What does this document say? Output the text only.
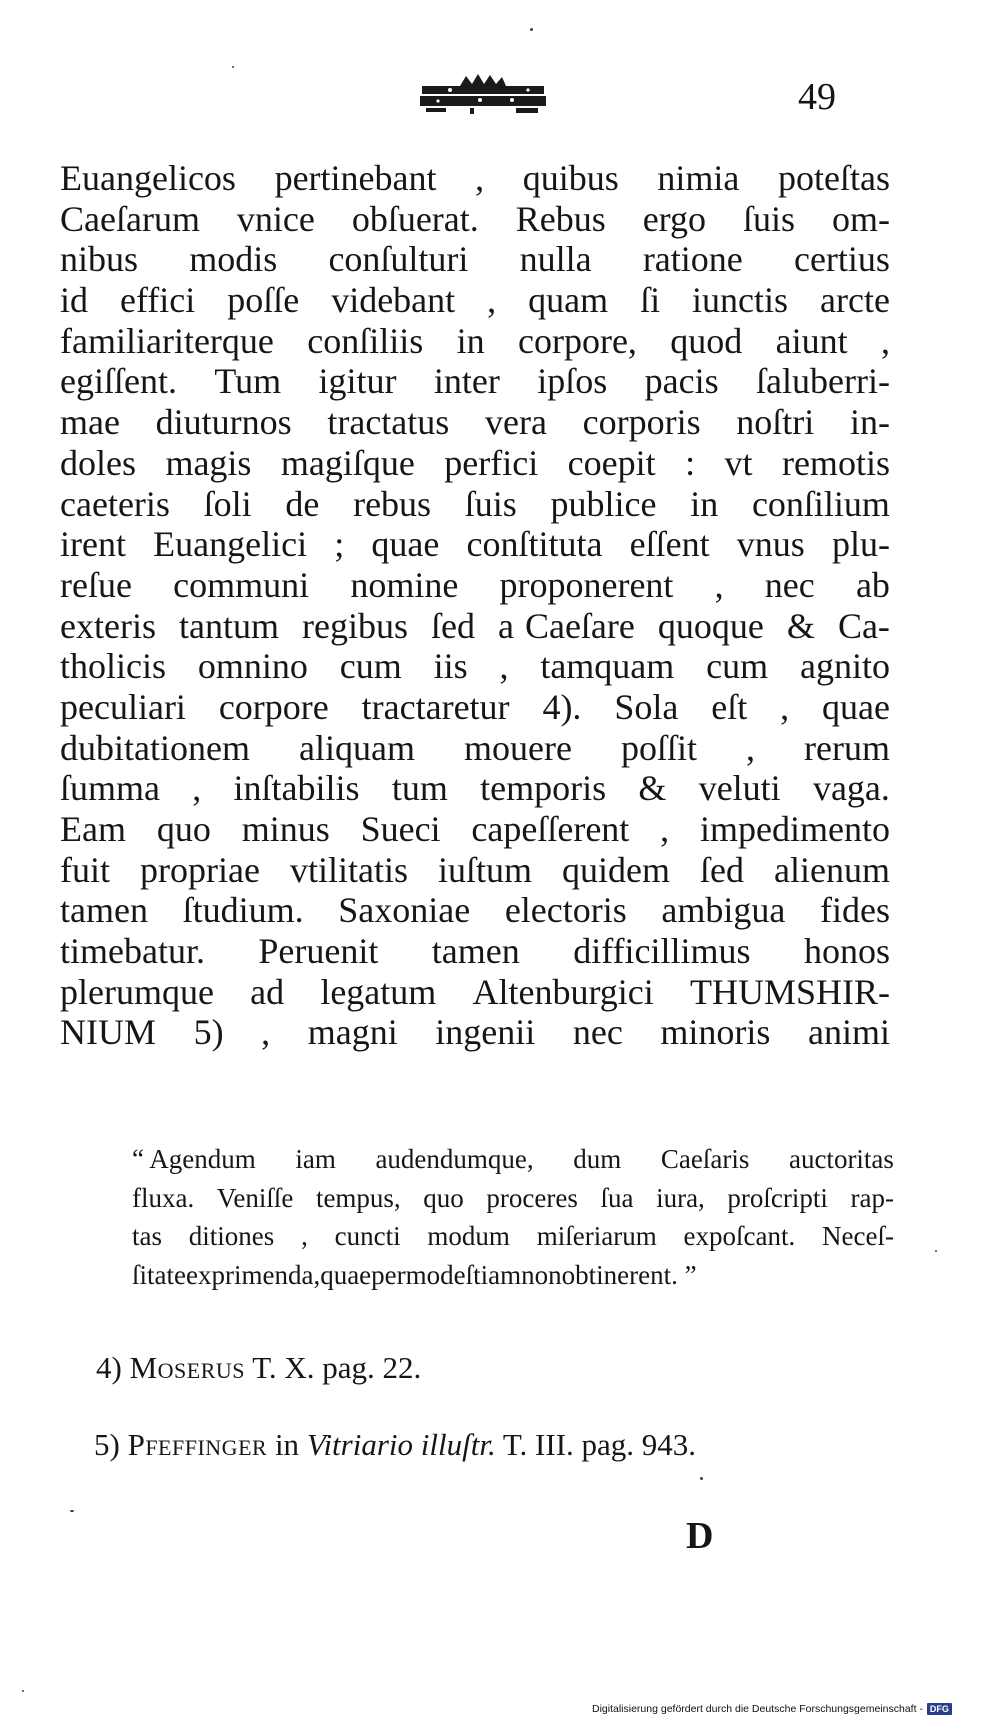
49
Euangelicos pertinebant , quibus nimia poteſtas
Caeſarum vnice obſuerat. Rebus ergo ſuis om-
nibus modis conſulturi nulla ratione certius
id effici poſſe videbant , quam ſi iunctis arcte
familiariterque conſiliis in corpore, quod aiunt ,
egiſſent. Tum igitur inter ipſos pacis ſaluberri-
mae diuturnos tractatus vera corporis noſtri in-
doles magis magiſque perfici coepit : vt remotis
caeteris ſoli de rebus ſuis publice in conſilium
irent Euangelici ; quae conſtituta eſſent vnus plu-
reſue communi nomine proponerent , nec ab
exteris tantum regibus ſed a Caeſare quoque & Ca-
tholicis omnino cum iis , tamquam cum agnito
peculiari corpore tractaretur 4). Sola eſt , quae
dubitationem aliquam mouere poſſit , rerum
ſumma , inſtabilis tum temporis & veluti vaga.
Eam quo minus Sueci capeſſerent , impedimento
fuit propriae vtilitatis iuſtum quidem ſed alienum
tamen ſtudium. Saxoniae electoris ambigua fides
timebatur. Peruenit tamen difficillimus honos
plerumque ad legatum Altenburgici THUMSHIR-
NIUM 5) , magni ingenii nec minoris animi
“ Agendum iam audendumque, dum Caeſaris auctoritas
fluxa. Veniſſe tempus, quo proceres ſua iura, proſcripti rap-
tas ditiones , cuncti modum miſeriarum expoſcant. Neceſ-
ſitate exprimenda , quae per modeſtiam non obtinerent. ”
4) Moserus T. X. pag. 22.
5) Pfeffinger in Vitriario illuſtr. T. III. pag. 943.
D
Digitalisierung gefördert durch die Deutsche Forschungsgemeinschaft - DFG
